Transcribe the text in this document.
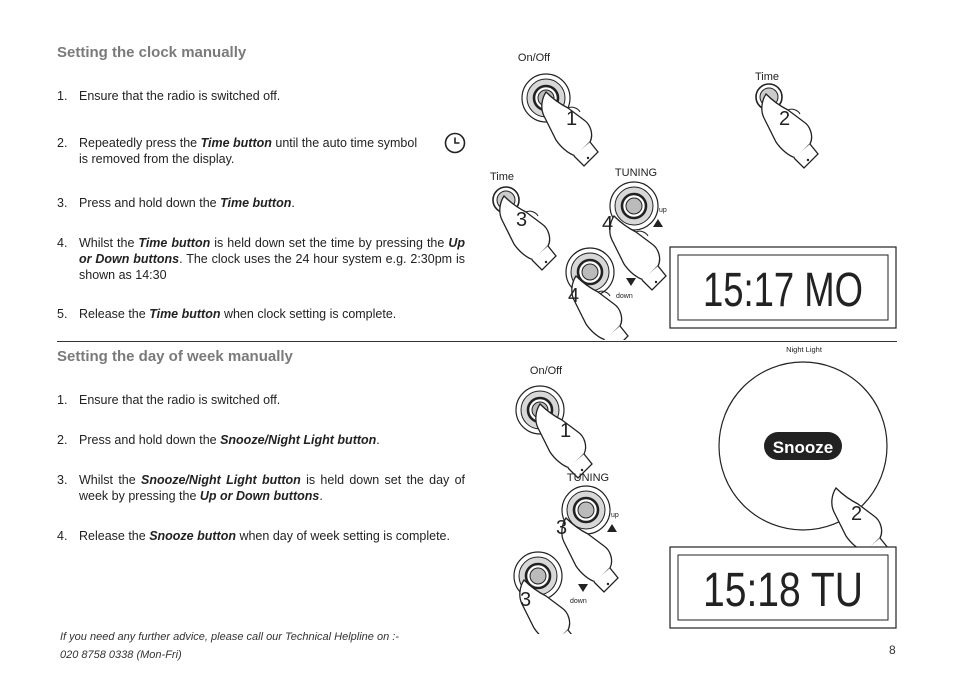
Setting the clock manually
1. Ensure that the radio is switched off.
2. Repeatedly press the Time button until the auto time symbol
is removed from the display.
3. Press and hold down the Time button.
4. Whilst the Time button is held down set the time by pressing the Up or Down buttons. The clock uses the 24 hour system e.g. 2:30pm is shown as 14:30
5. Release the Time button when clock setting is complete.
Setting the day of week manually
1. Ensure that the radio is switched off.
2. Press and hold down the Snooze/Night Light button.
3. Whilst the Snooze/Night Light button is held down set the day of week by pressing the Up or Down buttons.
4. Release the Snooze button when day of week setting is complete.
If you need any further advice, please call our Technical Helpline on :-
020 8758 0338 (Mon-Fri)	8
On/Off
1
Time
2
Time
3
TUNING
4
up
4	down 15:17 MO
On/Off
1
TUNING
3
up
3	down
Night Light
Snooze
2
15:18 TU
